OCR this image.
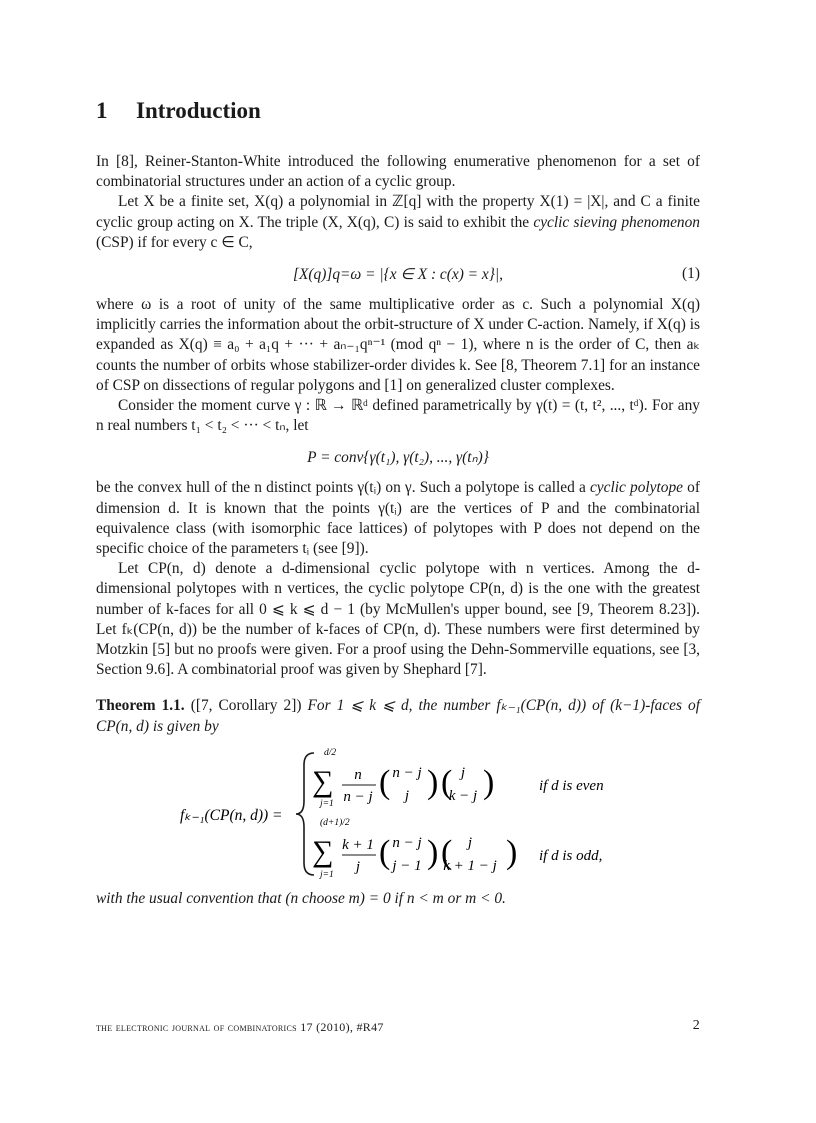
1 Introduction

In [8], Reiner-Stanton-White introduced the following enumerative phenomenon for a set of combinatorial structures under an action of a cyclic group.

Let X be a finite set, X(q) a polynomial in ℤ[q] with the property X(1) = |X|, and C a finite cyclic group acting on X. The triple (X, X(q), C) is said to exhibit the cyclic sieving phenomenon (CSP) if for every c ∈ C,

[X(q)]q=ω = |{x ∈ X : c(x) = x}|,	(1)

where ω is a root of unity of the same multiplicative order as c. Such a polynomial X(q) implicitly carries the information about the orbit-structure of X under C-action. Namely, if X(q) is expanded as X(q) ≡ a₀ + a₁q + ··· + aₙ₋₁qⁿ⁻¹ (mod qⁿ − 1), where n is the order of C, then aₖ counts the number of orbits whose stabilizer-order divides k. See [8, Theorem 7.1] for an instance of CSP on dissections of regular polygons and [1] on generalized cluster complexes.

Consider the moment curve γ : ℝ → ℝᵈ defined parametrically by γ(t) = (t, t², ..., tᵈ). For any n real numbers t₁ < t₂ < ··· < tₙ, let

P = conv{γ(t₁), γ(t₂), ..., γ(tₙ)}

be the convex hull of the n distinct points γ(tᵢ) on γ. Such a polytope is called a cyclic polytope of dimension d. It is known that the points γ(tᵢ) are the vertices of P and the combinatorial equivalence class (with isomorphic face lattices) of polytopes with P does not depend on the specific choice of the parameters tᵢ (see [9]).

Let CP(n, d) denote a d-dimensional cyclic polytope with n vertices. Among the d-dimensional polytopes with n vertices, the cyclic polytope CP(n, d) is the one with the greatest number of k-faces for all 0 ⩽ k ⩽ d − 1 (by McMullen's upper bound, see [9, Theorem 8.23]). Let fₖ(CP(n, d)) be the number of k-faces of CP(n, d). These numbers were first determined by Motzkin [5] but no proofs were given. For a proof using the Dehn-Sommerville equations, see [3, Section 9.6]. A combinatorial proof was given by Shephard [7].

Theorem 1.1. ([7, Corollary 2]) For 1 ⩽ k ⩽ d, the number fₖ₋₁(CP(n, d)) of (k−1)-faces of CP(n, d) is given by

fₖ₋₁(CP(n, d)) =
d/2
∑
j=1
n
n − j ( n − j
j ) ( j
k − j )	if d is even
(d+1)/2
∑
j=1
k + 1
j ( n − j
j − 1 ) ( j
k + 1 − j ) if d is odd,

with the usual convention that (n choose m) = 0 if n < m or m < 0.

the electronic journal of combinatorics 17 (2010), #R47	2
